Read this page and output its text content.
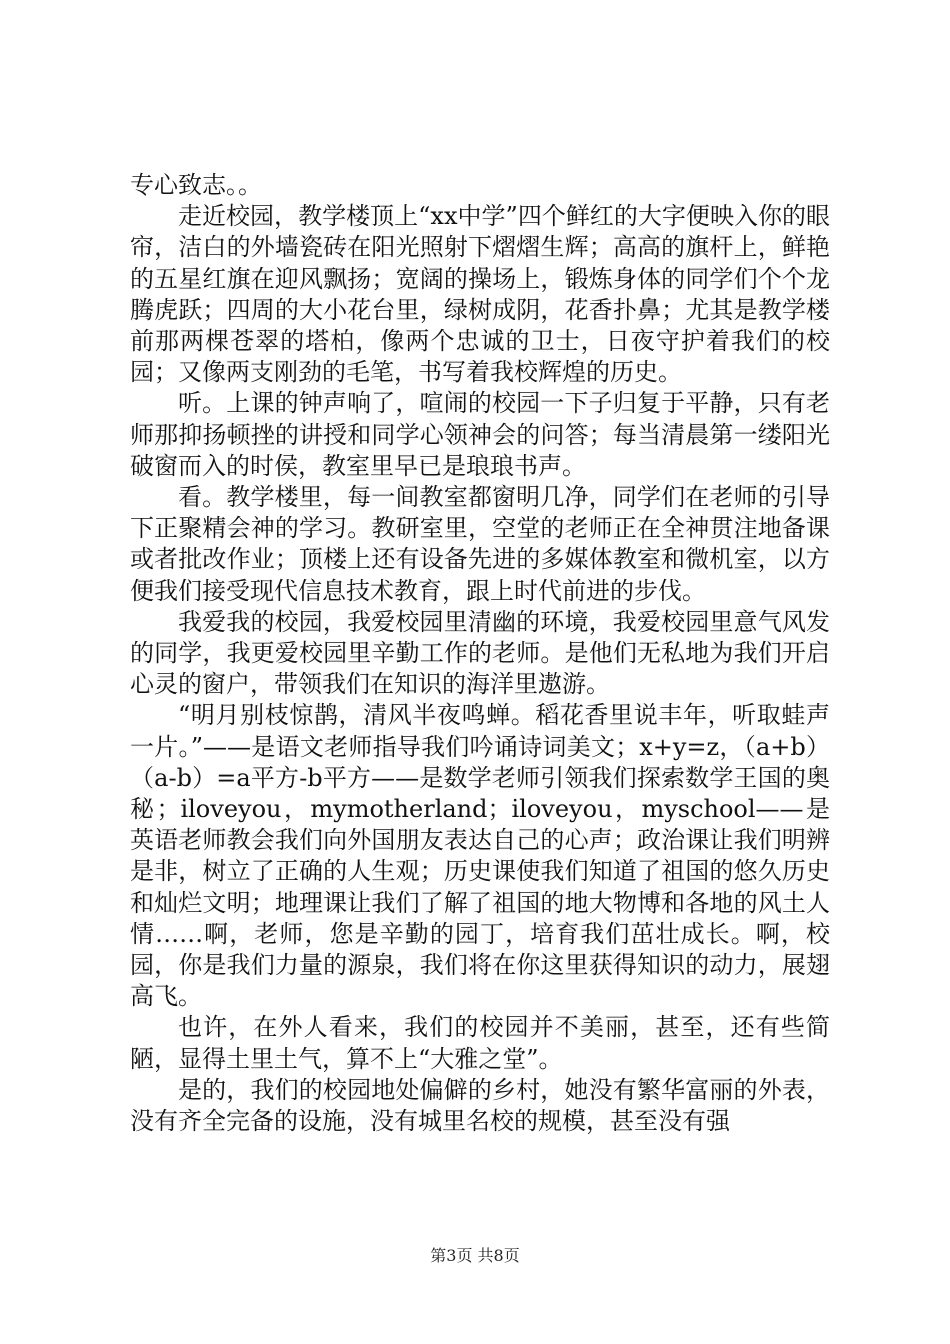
专心致志。。

走近校园，教学楼顶上“xx中学”四个鲜红的大字便映入你的眼帘，洁白的外墙瓷砖在阳光照射下熠熠生辉；高高的旗杆上，鲜艳的五星红旗在迎风飘扬；宽阔的操场上，锻炼身体的同学们个个龙腾虎跃；四周的大小花台里，绿树成阴，花香扑鼻；尤其是教学楼前那两棵苍翠的塔柏，像两个忠诚的卫士，日夜守护着我们的校园；又像两支刚劲的毛笔，书写着我校辉煌的历史。

听。上课的钟声响了，喧闹的校园一下子归复于平静，只有老师那抑扬顿挫的讲授和同学心领神会的问答；每当清晨第一缕阳光破窗而入的时侯，教室里早已是琅琅书声。

看。教学楼里，每一间教室都窗明几净，同学们在老师的引导下正聚精会神的学习。教研室里，空堂的老师正在全神贯注地备课或者批改作业；顶楼上还有设备先进的多媒体教室和微机室，以方便我们接受现代信息技术教育，跟上时代前进的步伐。

我爱我的校园，我爱校园里清幽的环境，我爱校园里意气风发的同学，我更爱校园里辛勤工作的老师。是他们无私地为我们开启心灵的窗户，带领我们在知识的海洋里遨游。

“明月别枝惊鹊，清风半夜鸣蝉。稻花香里说丰年，听取蛙声一片。”——是语文老师指导我们吟诵诗词美文；x+y=z，（a+b）（a-b）=a平方-b平方——是数学老师引领我们探索数学王国的奥秘；iloveyou，mymotherland；iloveyou，myschool——是英语老师教会我们向外国朋友表达自己的心声；政治课让我们明辨是非，树立了正确的人生观；历史课使我们知道了祖国的悠久历史和灿烂文明；地理课让我们了解了祖国的地大物博和各地的风土人情……啊，老师，您是辛勤的园丁，培育我们茁壮成长。啊，校园，你是我们力量的源泉，我们将在你这里获得知识的动力，展翅高飞。

也许，在外人看来，我们的校园并不美丽，甚至，还有些简陋，显得土里土气，算不上“大雅之堂”。

是的，我们的校园地处偏僻的乡村，她没有繁华富丽的外表，没有齐全完备的设施，没有城里名校的规模，甚至没有强

第3页 共8页
